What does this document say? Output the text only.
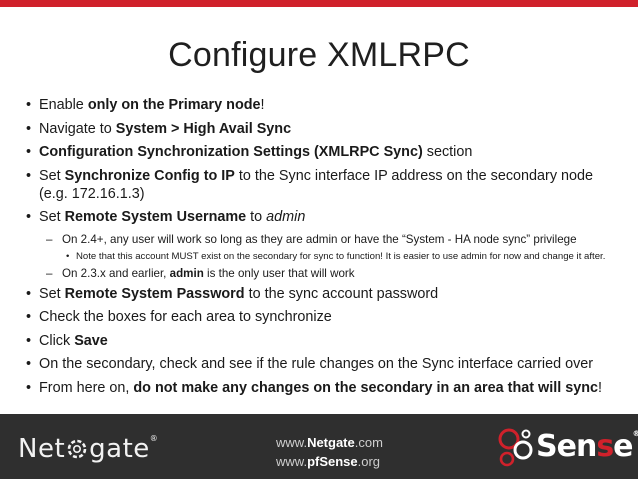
Configure XMLRPC
• Enable only on the Primary node!
• Navigate to System > High Avail Sync
• Configuration Synchronization Settings (XMLRPC Sync) section
• Set Synchronize Config to IP to the Sync interface IP address on the secondary node (e.g. 172.16.1.3)
• Set Remote System Username to admin
– On 2.4+, any user will work so long as they are admin or have the “System - HA node sync” privilege
• Note that this account MUST exist on the secondary for sync to function! It is easier to use admin for now and change it after.
– On 2.3.x and earlier, admin is the only user that will work
• Set Remote System Password to the sync account password
• Check the boxes for each area to synchronize
• Click Save
• On the secondary, check and see if the rule changes on the Sync interface carried over
• From here on, do not make any changes on the secondary in an area that will sync!
Net gate®	www.Netgate.com
www.pfSense.org	Sense®
